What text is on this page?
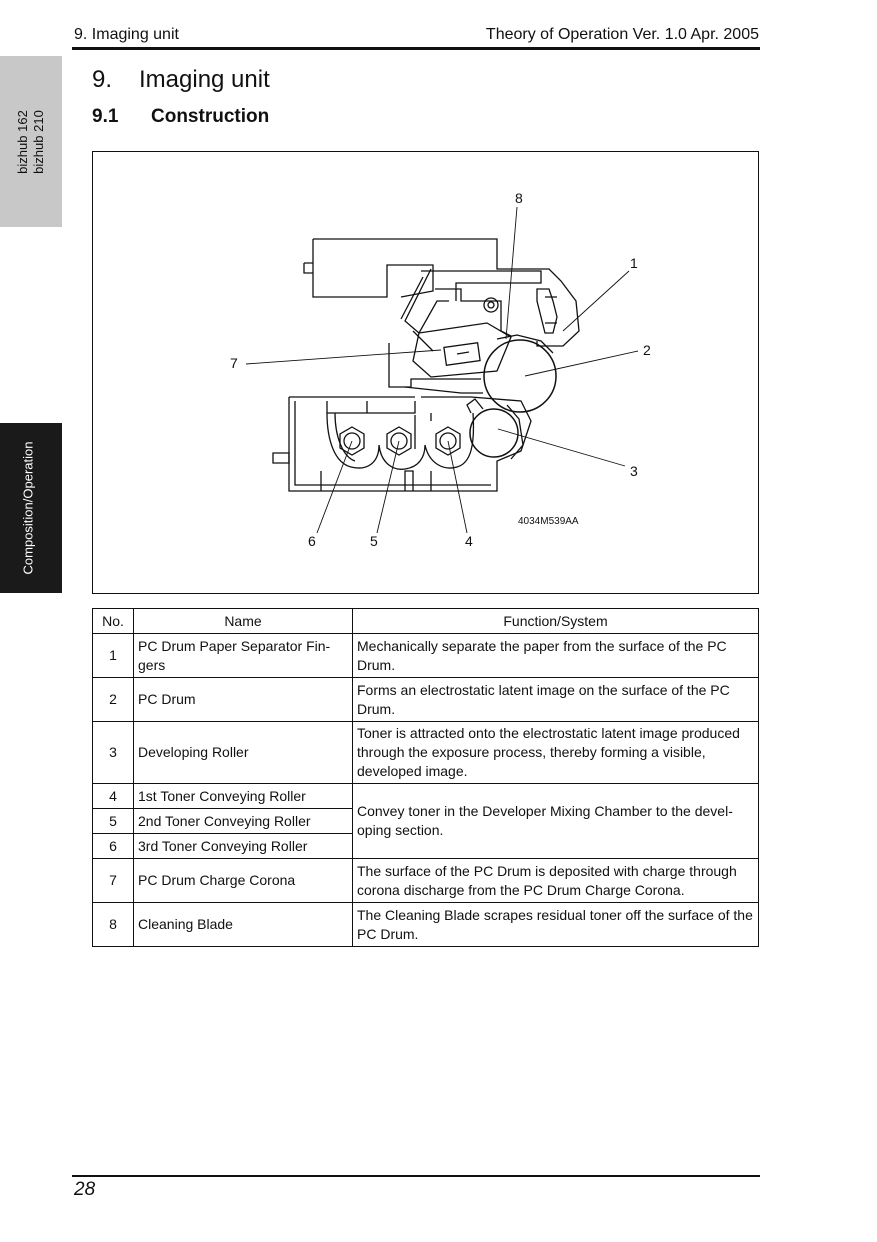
9. Imaging unit	Theory of Operation Ver. 1.0 Apr. 2005
bizhub 162 bizhub 210
Composition/Operation
9. Imaging unit
9.1 Construction
1
2
3
4
5
6
7
8
4034M539AA
No.	Name	Function/System
1	PC Drum Paper Separator Fin-gers	Mechanically separate the paper from the surface of the PC Drum.
2	PC Drum	Forms an electrostatic latent image on the surface of the PC Drum.
3	Developing Roller	Toner is attracted onto the electrostatic latent image produced through the exposure process, thereby forming a visible, developed image.
4	1st Toner Conveying Roller	Convey toner in the Developer Mixing Chamber to the devel-oping section.
5	2nd Toner Conveying Roller	
6	3rd Toner Conveying Roller	
7	PC Drum Charge Corona	The surface of the PC Drum is deposited with charge through corona discharge from the PC Drum Charge Corona.
8	Cleaning Blade	The Cleaning Blade scrapes residual toner off the surface of the PC Drum.
28
